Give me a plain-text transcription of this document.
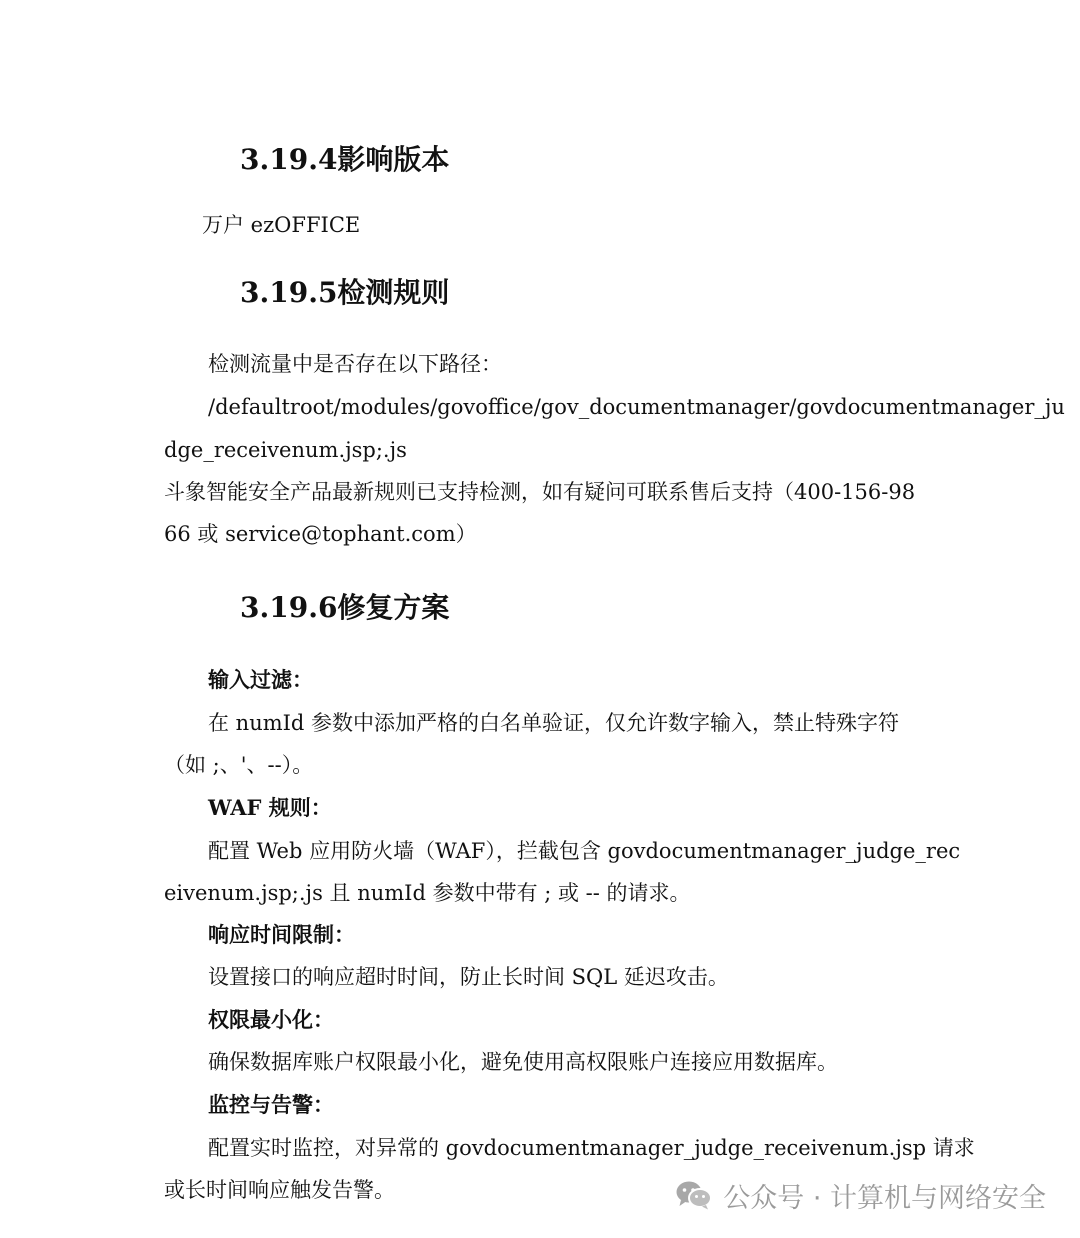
3.19.4影响版本
万户 ezOFFICE
3.19.5检测规则
检测流量中是否存在以下路径：
/defaultroot/modules/govoffice/gov_documentmanager/govdocumentmanager_ju
dge_receivenum.jsp;.js
斗象智能安全产品最新规则已支持检测，如有疑问可联系售后支持（400-156-98
66 或 service@tophant.com）
3.19.6修复方案
输入过滤：
在 numId 参数中添加严格的白名单验证，仅允许数字输入，禁止特殊字符
（如 ;、'、--）。
WAF 规则：
配置 Web 应用防火墙（WAF），拦截包含 govdocumentmanager_judge_rec
eivenum.jsp;.js 且 numId 参数中带有 ; 或 -- 的请求。
响应时间限制：
设置接口的响应超时时间，防止长时间 SQL 延迟攻击。
权限最小化：
确保数据库账户权限最小化，避免使用高权限账户连接应用数据库。
监控与告警：
配置实时监控，对异常的 govdocumentmanager_judge_receivenum.jsp 请求
或长时间响应触发告警。	公众号 · 计算机与网络安全
